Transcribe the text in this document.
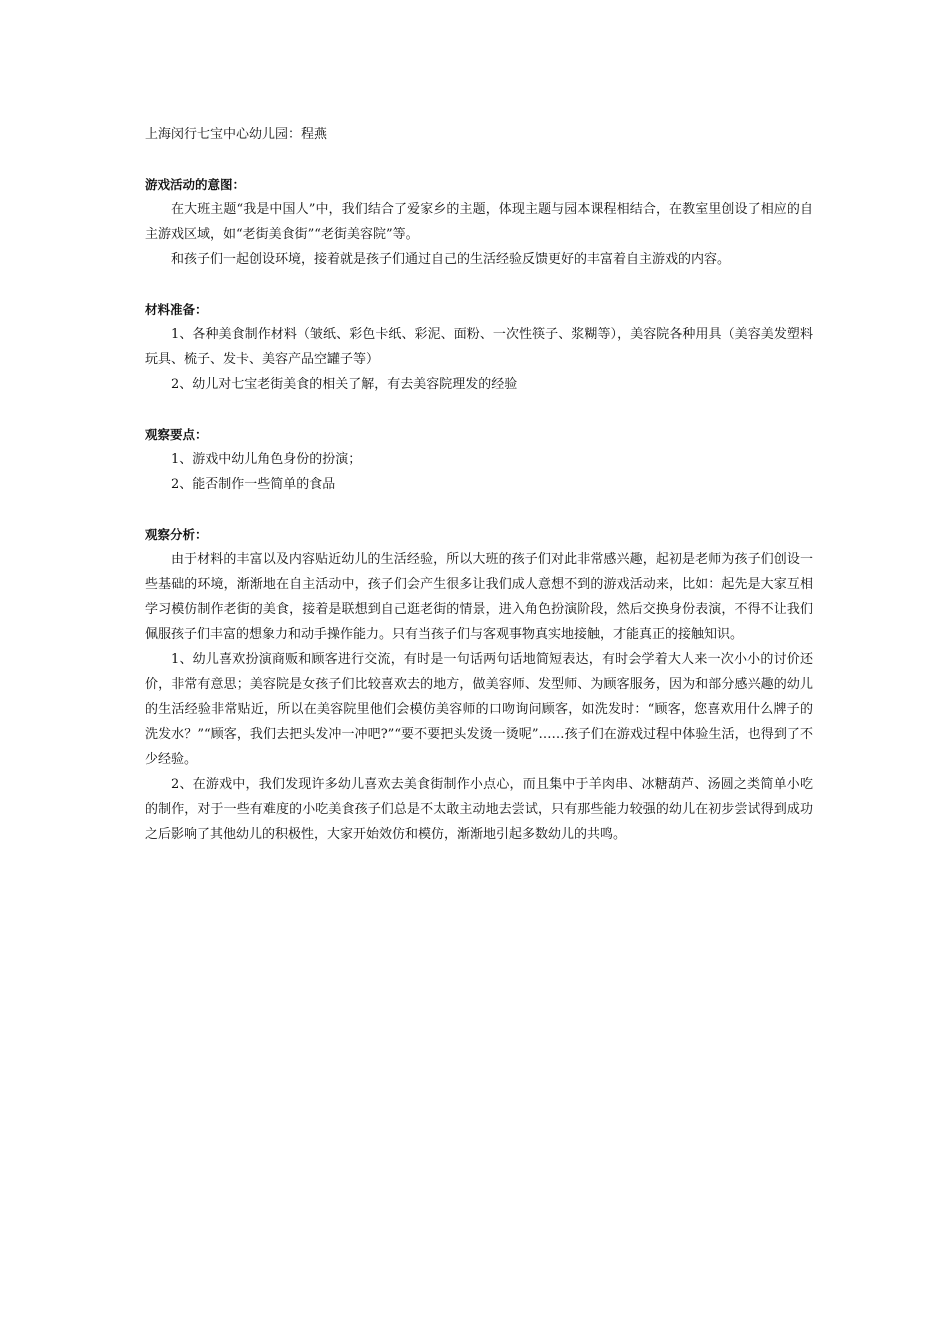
上海闵行七宝中心幼儿园：程燕

游戏活动的意图：

在大班主题“我是中国人”中，我们结合了爱家乡的主题，体现主题与园本课程相结合，在教室里创设了相应的自主游戏区域，如“老街美食街”“老街美容院”等。

和孩子们一起创设环境，接着就是孩子们通过自己的生活经验反馈更好的丰富着自主游戏的内容。

材料准备：

1、各种美食制作材料（皱纸、彩色卡纸、彩泥、面粉、一次性筷子、浆糊等），美容院各种用具（美容美发塑料玩具、梳子、发卡、美容产品空罐子等）

2、幼儿对七宝老街美食的相关了解，有去美容院理发的经验

观察要点：

1、游戏中幼儿角色身份的扮演；

2、能否制作一些简单的食品

观察分析：

由于材料的丰富以及内容贴近幼儿的生活经验，所以大班的孩子们对此非常感兴趣，起初是老师为孩子们创设一些基础的环境，渐渐地在自主活动中，孩子们会产生很多让我们成人意想不到的游戏活动来，比如：起先是大家互相学习模仿制作老街的美食，接着是联想到自己逛老街的情景，进入角色扮演阶段，然后交换身份表演，不得不让我们佩服孩子们丰富的想象力和动手操作能力。只有当孩子们与客观事物真实地接触，才能真正的接触知识。

1、幼儿喜欢扮演商贩和顾客进行交流，有时是一句话两句话地简短表达，有时会学着大人来一次小小的讨价还价，非常有意思；美容院是女孩子们比较喜欢去的地方，做美容师、发型师、为顾客服务，因为和部分感兴趣的幼儿的生活经验非常贴近，所以在美容院里他们会模仿美容师的口吻询问顾客，如洗发时：“顾客，您喜欢用什么牌子的洗发水？”“顾客，我们去把头发冲一冲吧?”“要不要把头发烫一烫呢”……孩子们在游戏过程中体验生活，也得到了不少经验。

2、在游戏中，我们发现许多幼儿喜欢去美食街制作小点心，而且集中于羊肉串、冰糖葫芦、汤圆之类简单小吃的制作，对于一些有难度的小吃美食孩子们总是不太敢主动地去尝试，只有那些能力较强的幼儿在初步尝试得到成功之后影响了其他幼儿的积极性，大家开始效仿和模仿，渐渐地引起多数幼儿的共鸣。
